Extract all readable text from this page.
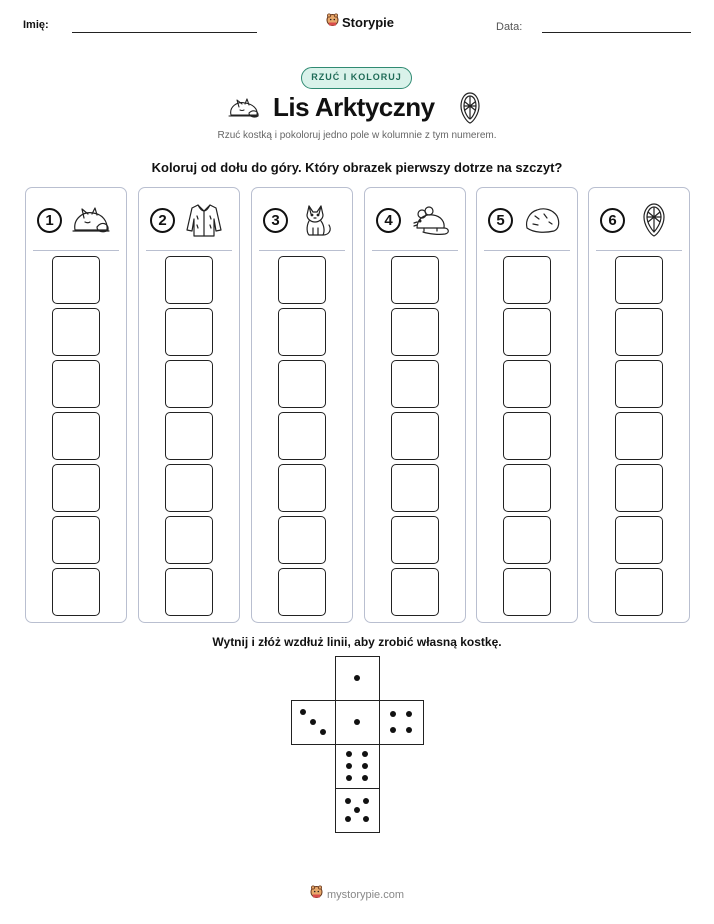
Imię:	Storypie	Data:
RZUĆ I KOLORUJ
Lis Arktyczny
Rzuć kostką i pokoloruj jedno pole w kolumnie z tym numerem.
Koloruj od dołu do góry. Który obrazek pierwszy dotrze na szczyt?
1	2	3	4	5	6
Wytnij i złóż wzdłuż linii, aby zrobić własną kostkę.
mystorypie.com
